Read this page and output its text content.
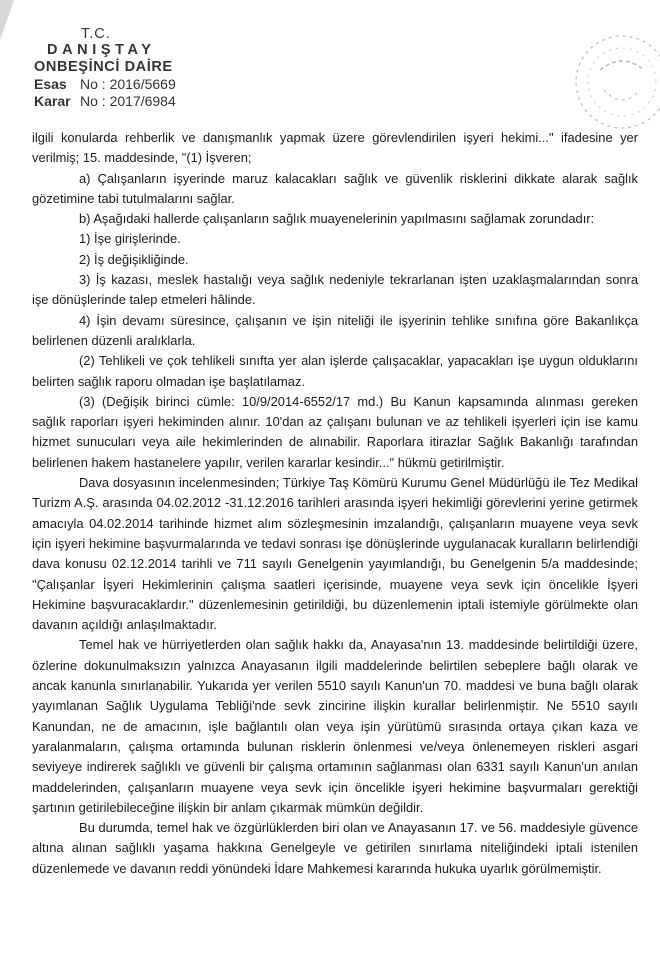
T.C.
DANIŞTAY
ONBEŞİNCİ DAİRE
Esas No : 2016/5669
Karar No : 2017/6984

ilgili konularda rehberlik ve danışmanlık yapmak üzere görevlendirilen işyeri hekimi..." ifadesine yer verilmiş; 15. maddesinde, "(1) İşveren;

a) Çalışanların işyerinde maruz kalacakları sağlık ve güvenlik risklerini dikkate alarak sağlık gözetimine tabi tutulmalarını sağlar.

b) Aşağıdaki hallerde çalışanların sağlık muayenelerinin yapılmasını sağlamak zorundadır:

1) İşe girişlerinde.

2) İş değişikliğinde.

3) İş kazası, meslek hastalığı veya sağlık nedeniyle tekrarlanan işten uzaklaşmalarından sonra işe dönüşlerinde talep etmeleri hâlinde.

4) İşin devamı süresince, çalışanın ve işin niteliği ile işyerinin tehlike sınıfına göre Bakanlıkça belirlenen düzenli aralıklarla.

(2) Tehlikeli ve çok tehlikeli sınıfta yer alan işlerde çalışacaklar, yapacakları işe uygun olduklarını belirten sağlık raporu olmadan işe başlatılamaz.

(3) (Değişik birinci cümle: 10/9/2014-6552/17 md.) Bu Kanun kapsamında alınması gereken sağlık raporları işyeri hekiminden alınır. 10'dan az çalışanı bulunan ve az tehlikeli işyerleri için ise kamu hizmet sunucuları veya aile hekimlerinden de alınabilir. Raporlara itirazlar Sağlık Bakanlığı tarafından belirlenen hakem hastanelere yapılır, verilen kararlar kesindir..." hükmü getirilmiştir.

Dava dosyasının incelenmesinden; Türkiye Taş Kömürü Kurumu Genel Müdürlüğü ile Tez Medikal Turizm A.Ş. arasında 04.02.2012 -31.12.2016 tarihleri arasında işyeri hekimliği görevlerini yerine getirmek amacıyla 04.02.2014 tarihinde hizmet alım sözleşmesinin imzalandığı, çalışanların muayene veya sevk için işyeri hekimine başvurmalarında ve tedavi sonrası işe dönüşlerinde uygulanacak kuralların belirlendiği dava konusu 02.12.2014 tarihli ve 711 sayılı Genelgenin yayımlandığı, bu Genelgenin 5/a maddesinde; "Çalışanlar İşyeri Hekimlerinin çalışma saatleri içerisinde, muayene veya sevk için öncelikle İşyeri Hekimine başvuracaklardır." düzenlemesinin getirildiği, bu düzenlemenin iptali istemiyle görülmekte olan davanın açıldığı anlaşılmaktadır.

Temel hak ve hürriyetlerden olan sağlık hakkı da, Anayasa'nın 13. maddesinde belirtildiği üzere, özlerine dokunulmaksızın yalnızca Anayasanın ilgili maddelerinde belirtilen sebeplere bağlı olarak ve ancak kanunla sınırlanabilir. Yukarıda yer verilen 5510 sayılı Kanun'un 70. maddesi ve buna bağlı olarak yayımlanan Sağlık Uygulama Tebliği'nde sevk zincirine ilişkin kurallar belirlenmiştir. Ne 5510 sayılı Kanundan, ne de amacının, işle bağlantılı olan veya işin yürütümü sırasında ortaya çıkan kaza ve yaralanmaların, çalışma ortamında bulunan risklerin önlenmesi ve/veya önlenemeyen riskleri asgari seviyeye indirerek sağlıklı ve güvenli bir çalışma ortamının sağlanması olan 6331 sayılı Kanun'un anılan maddelerinden, çalışanların muayene veya sevk için öncelikle işyeri hekimine başvurmaları gerektiği şartının getirilebileceğine ilişkin bir anlam çıkarmak mümkün değildir.

Bu durumda, temel hak ve özgürlüklerden biri olan ve Anayasanın 17. ve 56. maddesiyle güvence altına alınan sağlıklı yaşama hakkına Genelgeyle ve getirilen sınırlama niteliğindeki iptali istenilen düzenlemede ve davanın reddi yönündeki İdare Mahkemesi kararında hukuka uyarlık görülmemiştir.
